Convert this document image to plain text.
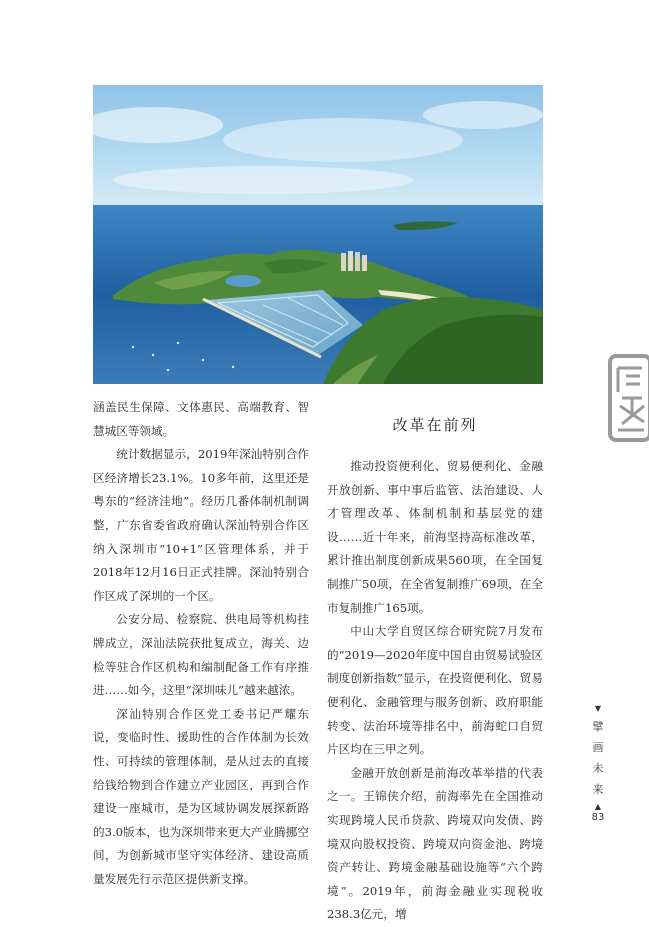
涵盖民生保障、文体惠民、高端教育、智慧城区等领域。

统计数据显示，2019年深汕特别合作区经济增长23.1%。10多年前，这里还是粤东的“经济洼地”。经历几番体制机制调整，广东省委省政府确认深汕特别合作区纳入深圳市“10+1”区管理体系，并于2018年12月16日正式挂牌。深汕特别合作区成了深圳的一个区。

公安分局、检察院、供电局等机构挂牌成立，深汕法院获批复成立，海关、边检等驻合作区机构和编制配备工作有序推进……如今，这里“深圳味儿”越来越浓。

深汕特别合作区党工委书记严耀东说，变临时性、援助性的合作体制为长效性、可持续的管理体制，是从过去的直接给钱给物到合作建立产业园区，再到合作建设一座城市，是为区域协调发展探新路的3.0版本，也为深圳带来更大产业腾挪空间，为创新城市坚守实体经济、建设高质量发展先行示范区提供新支撑。

改革在前列

推动投资便利化、贸易便利化、金融开放创新、事中事后监管、法治建设、人才管理改革、体制机制和基层党的建设……近十年来，前海坚持高标准改革，累计推出制度创新成果560项，在全国复制推广50项，在全省复制推广69项，在全市复制推广165项。

中山大学自贸区综合研究院7月发布的“2019—2020年度中国自由贸易试验区制度创新指数”显示，在投资便利化、贸易便利化、金融管理与服务创新、政府职能转变、法治环境等排名中，前海蛇口自贸片区均在三甲之列。

金融开放创新是前海改革举措的代表之一。王锦侠介绍，前海率先在全国推动实现跨境人民币贷款、跨境双向发债、跨境双向股权投资、跨境双向资金池、跨境资产转让、跨境金融基础设施等“六个跨境”。2019年，前海金融业实现税收238.3亿元，增

▼
擘
画
未
来
▲
83
